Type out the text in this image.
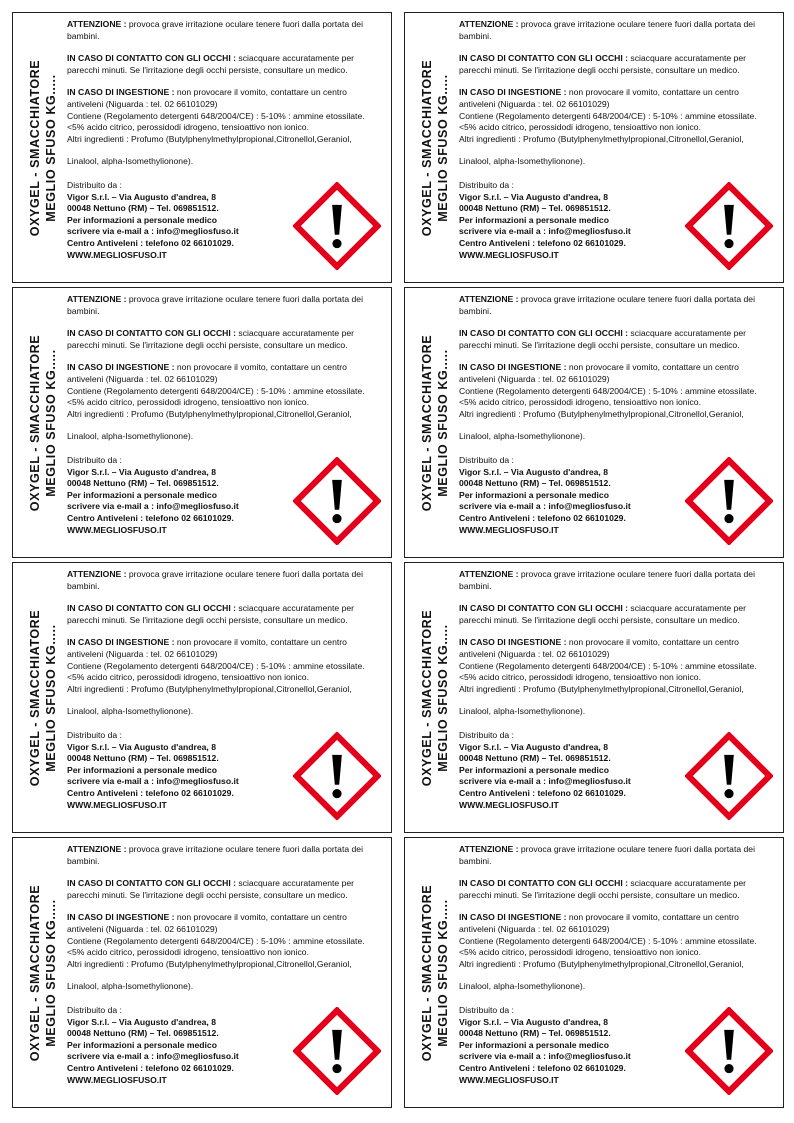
OXYGEL - SMACCHIATORE MEGLIO SFUSO KG.....

ATTENZIONE : provoca grave irritazione oculare tenere fuori dalla portata dei bambini.

IN CASO DI CONTATTO CON GLI OCCHI : sciacquare accuratamente per parecchi minuti. Se l'irritazione degli occhi persiste, consultare un medico.

IN CASO DI INGESTIONE : non provocare il vomito, contattare un centro antiveleni (Niguarda : tel. 02 66101029)

Contiene (Regolamento detergenti 648/2004/CE) : 5-10% : ammine etossilate. <5% acido citrico, perossidodi idrogeno, tensioattivo non ionico.

Altri ingredienti : Profumo (Butylphenylmethylpropional,Citronellol,Geraniol,

Linalool, alpha-Isomethylionone).

Distribuito da :
Vigor S.r.l. – Via Augusto d'andrea, 8
00048 Nettuno (RM) – Tel. 069851512.
Per informazioni a personale medico
scrivere via e-mail a : info@megliosfuso.it
Centro Antiveleni : telefono 02 66101029.
WWW.MEGLIOSFUSO.IT
OXYGEL - SMACCHIATORE MEGLIO SFUSO KG.....

ATTENZIONE : provoca grave irritazione oculare tenere fuori dalla portata dei bambini.

IN CASO DI CONTATTO CON GLI OCCHI : sciacquare accuratamente per parecchi minuti. Se l'irritazione degli occhi persiste, consultare un medico.

IN CASO DI INGESTIONE : non provocare il vomito, contattare un centro antiveleni (Niguarda : tel. 02 66101029)

Contiene (Regolamento detergenti 648/2004/CE) : 5-10% : ammine etossilate. <5% acido citrico, perossidodi idrogeno, tensioattivo non ionico.

Altri ingredienti : Profumo (Butylphenylmethylpropional,Citronellol,Geraniol,

Linalool, alpha-Isomethylionone).

Distribuito da :
Vigor S.r.l. – Via Augusto d'andrea, 8
00048 Nettuno (RM) – Tel. 069851512.
Per informazioni a personale medico
scrivere via e-mail a : info@megliosfuso.it
Centro Antiveleni : telefono 02 66101029.
WWW.MEGLIOSFUSO.IT
OXYGEL - SMACCHIATORE MEGLIO SFUSO KG.....

ATTENZIONE : provoca grave irritazione oculare tenere fuori dalla portata dei bambini.

IN CASO DI CONTATTO CON GLI OCCHI : sciacquare accuratamente per parecchi minuti. Se l'irritazione degli occhi persiste, consultare un medico.

IN CASO DI INGESTIONE : non provocare il vomito, contattare un centro antiveleni (Niguarda : tel. 02 66101029)

Contiene (Regolamento detergenti 648/2004/CE) : 5-10% : ammine etossilate. <5% acido citrico, perossidodi idrogeno, tensioattivo non ionico.

Altri ingredienti : Profumo (Butylphenylmethylpropional,Citronellol,Geraniol,

Linalool, alpha-Isomethylionone).

Distribuito da :
Vigor S.r.l. – Via Augusto d'andrea, 8
00048 Nettuno (RM) – Tel. 069851512.
Per informazioni a personale medico
scrivere via e-mail a : info@megliosfuso.it
Centro Antiveleni : telefono 02 66101029.
WWW.MEGLIOSFUSO.IT
OXYGEL - SMACCHIATORE MEGLIO SFUSO KG.....

ATTENZIONE : provoca grave irritazione oculare tenere fuori dalla portata dei bambini.

IN CASO DI CONTATTO CON GLI OCCHI : sciacquare accuratamente per parecchi minuti. Se l'irritazione degli occhi persiste, consultare un medico.

IN CASO DI INGESTIONE : non provocare il vomito, contattare un centro antiveleni (Niguarda : tel. 02 66101029)

Contiene (Regolamento detergenti 648/2004/CE) : 5-10% : ammine etossilate. <5% acido citrico, perossidodi idrogeno, tensioattivo non ionico.

Altri ingredienti : Profumo (Butylphenylmethylpropional,Citronellol,Geraniol,

Linalool, alpha-Isomethylionone).

Distribuito da :
Vigor S.r.l. – Via Augusto d'andrea, 8
00048 Nettuno (RM) – Tel. 069851512.
Per informazioni a personale medico
scrivere via e-mail a : info@megliosfuso.it
Centro Antiveleni : telefono 02 66101029.
WWW.MEGLIOSFUSO.IT
OXYGEL - SMACCHIATORE MEGLIO SFUSO KG.....

ATTENZIONE : provoca grave irritazione oculare tenere fuori dalla portata dei bambini.

IN CASO DI CONTATTO CON GLI OCCHI : sciacquare accuratamente per parecchi minuti. Se l'irritazione degli occhi persiste, consultare un medico.

IN CASO DI INGESTIONE : non provocare il vomito, contattare un centro antiveleni (Niguarda : tel. 02 66101029)

Contiene (Regolamento detergenti 648/2004/CE) : 5-10% : ammine etossilate. <5% acido citrico, perossidodi idrogeno, tensioattivo non ionico.

Altri ingredienti : Profumo (Butylphenylmethylpropional,Citronellol,Geraniol,

Linalool, alpha-Isomethylionone).

Distribuito da :
Vigor S.r.l. – Via Augusto d'andrea, 8
00048 Nettuno (RM) – Tel. 069851512.
Per informazioni a personale medico
scrivere via e-mail a : info@megliosfuso.it
Centro Antiveleni : telefono 02 66101029.
WWW.MEGLIOSFUSO.IT
OXYGEL - SMACCHIATORE MEGLIO SFUSO KG.....

ATTENZIONE : provoca grave irritazione oculare tenere fuori dalla portata dei bambini.

IN CASO DI CONTATTO CON GLI OCCHI : sciacquare accuratamente per parecchi minuti. Se l'irritazione degli occhi persiste, consultare un medico.

IN CASO DI INGESTIONE : non provocare il vomito, contattare un centro antiveleni (Niguarda : tel. 02 66101029)

Contiene (Regolamento detergenti 648/2004/CE) : 5-10% : ammine etossilate. <5% acido citrico, perossidodi idrogeno, tensioattivo non ionico.

Altri ingredienti : Profumo (Butylphenylmethylpropional,Citronellol,Geraniol,

Linalool, alpha-Isomethylionone).

Distribuito da :
Vigor S.r.l. – Via Augusto d'andrea, 8
00048 Nettuno (RM) – Tel. 069851512.
Per informazioni a personale medico
scrivere via e-mail a : info@megliosfuso.it
Centro Antiveleni : telefono 02 66101029.
WWW.MEGLIOSFUSO.IT
OXYGEL - SMACCHIATORE MEGLIO SFUSO KG.....

ATTENZIONE : provoca grave irritazione oculare tenere fuori dalla portata dei bambini.

IN CASO DI CONTATTO CON GLI OCCHI : sciacquare accuratamente per parecchi minuti. Se l'irritazione degli occhi persiste, consultare un medico.

IN CASO DI INGESTIONE : non provocare il vomito, contattare un centro antiveleni (Niguarda : tel. 02 66101029)

Contiene (Regolamento detergenti 648/2004/CE) : 5-10% : ammine etossilate. <5% acido citrico, perossidodi idrogeno, tensioattivo non ionico.

Altri ingredienti : Profumo (Butylphenylmethylpropional,Citronellol,Geraniol,

Linalool, alpha-Isomethylionone).

Distribuito da :
Vigor S.r.l. – Via Augusto d'andrea, 8
00048 Nettuno (RM) – Tel. 069851512.
Per informazioni a personale medico
scrivere via e-mail a : info@megliosfuso.it
Centro Antiveleni : telefono 02 66101029.
WWW.MEGLIOSFUSO.IT
OXYGEL - SMACCHIATORE MEGLIO SFUSO KG.....

ATTENZIONE : provoca grave irritazione oculare tenere fuori dalla portata dei bambini.

IN CASO DI CONTATTO CON GLI OCCHI : sciacquare accuratamente per parecchi minuti. Se l'irritazione degli occhi persiste, consultare un medico.

IN CASO DI INGESTIONE : non provocare il vomito, contattare un centro antiveleni (Niguarda : tel. 02 66101029)

Contiene (Regolamento detergenti 648/2004/CE) : 5-10% : ammine etossilate. <5% acido citrico, perossidodi idrogeno, tensioattivo non ionico.

Altri ingredienti : Profumo (Butylphenylmethylpropional,Citronellol,Geraniol,

Linalool, alpha-Isomethylionone).

Distribuito da :
Vigor S.r.l. – Via Augusto d'andrea, 8
00048 Nettuno (RM) – Tel. 069851512.
Per informazioni a personale medico
scrivere via e-mail a : info@megliosfuso.it
Centro Antiveleni : telefono 02 66101029.
WWW.MEGLIOSFUSO.IT
